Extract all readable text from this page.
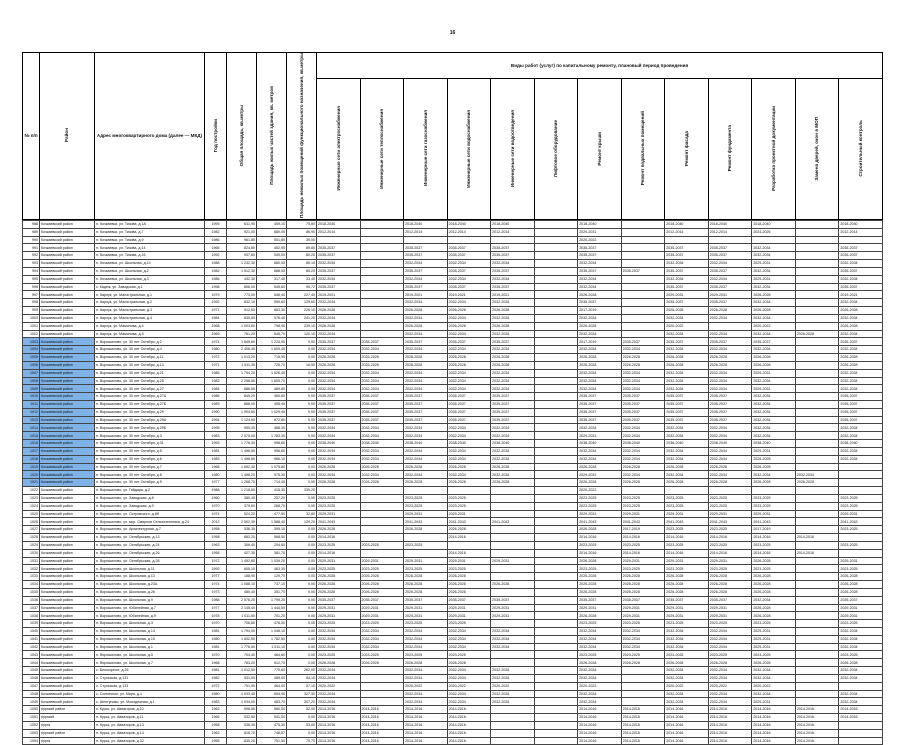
16
№ п/п	Район	Адрес многоквартирного дома (далее — МКД)	Год постройки	Общая площадь, кв.метры	Площадь жилых частей здания, кв. метров	Площадь нежилых помещений функционального назначения, кв.метры	Виды работ (услуг) по капитальному ремонту, плановый период проведения												
							Инженерные сети электроснабжения	Инженерные сети теплоснабжения	Инженерные сети газоснабжения	Инженерные сети водоснабжения	Инженерные сети водоотведения	Лифтовое оборудование	Ремонт крыши	Ремонт подвальных помещений	Ремонт фасада	Ремонт фундамента	Разработка проектной документации	Замена дверей, окон в МОП	Строительный контроль
988	Кочкаевский район	п. Кочкаевка, ул. Тизова, д.1А	1995	631,90	459,10	75,80	2018-2040		2018-2040	2018-2040	2018-2040		2018-2040		2018-2040	2018-2040	2018-2040		2018-2040
989	Кочкаевский район	п. Кочкаевка, ул. Тизова, д.7	1982	921,00	680,00	86,90	2012-2014		2012-2014	2012-2014	2012-2014		2029-2031		2012-2014	2012-2014	2024-2026		2012-2014
990	Кочкаевский район	п. Кочкаевка, ул. Тизова, д.9	1986	961,80	501,80	39,00							2020-2022						
991	Кочкаевский район	п. Кочкаевка, ул. Тизова, д.14	1966	824,80	452,90	89,80	2035-2037		2035-2037	2035-2037	2035-2037		2035-2037		2035-2037	2035-2037	2032-2034		2035-2037
992	Кочкаевский район	п. Кочкаевка, ул. Тизова, д.16	1992	937,80	549,00	80,20	2035-2037		2035-2037	2035-2037	2035-2037		2035-2037		2035-2037	2035-2037	2032-2034		2035-2037
993	Кочкаевский район	п. Кочкаевка, ул. Школьная, д.14	1988	1 232,30	680,00	85,10	2032-2034		2032-2034	2032-2034	2032-2034		2032-2034		2032-2034	2032-2034	2029-2031		2032-2034
994	Кочкаевский район	п. Кочкаевка, ул. Школьная, д.2	1982	1 512,30	688,00	85,20	2035-2037		2035-2037	2035-2037	2035-2037		2035-2037	2035-2037	2035-2037	2035-2037	2032-2034		2035-2037
995	Кочкаевский район	п. Кочкаевка, ул. Школьная, д.3	1986	432,30	317,40	33,40	2032-2034		2032-2034	2032-2034	2032-2034		2032-2034		2032-2034	2032-2034	2029-2031		2032-2034
996	Кочкаевский район	с. Кадеж, ул. Заводская, д.1	1998	856,00	549,60	95,72	2035-2037		2035-2037	2035-2037	2035-2037		2032-2034		2035-2037	2035-2037	2032-2034		2035-2037
997	Кочкаевский район	п. Карлук, ул. Магистральная, д.1	1979	773,00	546,40	227,40	2019-2021		2019-2021	2019-2021	2019-2021		2026-2028		2029-2031	2029-2031	2026-2028		2019-2021
998	Кочкаевский район	п. Карлук, ул. Магистральная, д.2	1992	832,10	559,60	129,60	2032-2034		2032-2034	2032-2034	2032-2034		2035-2037		2035-2037	2035-2037	2032-2034		2032-2034
999	Кочкаевский район	п. Карлук, ул. Магистральная, д.3	1971	912,60	663,30	226,10	2026-2028		2026-2028	2026-2028	2026-2028		2017-2019		2026-2028	2026-2028	2026-2028		2026-2028
1000	Кочкаевский район	п. Карлук, ул. Магистральная, д.4	1984	830,80	576,40	241,20	2032-2034		2032-2034	2032-2034	2032-2034		2032-2034		2032-2034	2032-2034	2032-2034		2032-2034
1001	Кочкаевский район	п. Карлук, ул. Мамонова, д.4	1968	1 003,80	798,90	239,10	2026-2028		2026-2028	2026-2028	2026-2028		2026-2028		2020-2022		2020-2022		2026-2028
1002	Кочкаевский район	п. Карлук, ул. Мамонова, д.5	1969	761,20	545,70	120,10	2032-2034		2032-2034	2032-2034	2032-2034		2032-2034		2032-2034	2032-2034	2032-2034	2026-2028	2032-2034
1003	Кочкаевский район	п. Ворошилово, ул. 30 лет Октября, д.2	1974	1 845,60	1 224,90	0,00	2035-2037	2035-2037	2035-2037	2035-2037	2035-2037		2017-2019	2035-2037	2035-2037	2035-2037	2035-2037		2035-2037
1004	Кочкаевский район	п. Ворошилово, ул. 30 лет Октября, д.4	1980	2 406,40	1 609,40	0,00	2032-2034	2032-2034	2032-2034	2032-2034	2032-2034		2032-2034	2032-2034	2032-2034	2032-2034	2032-2034		2032-2034
1005	Кочкаевский район	п. Ворошилово, ул. 30 лет Октября, д.11	1972	1 013,20	715,90	0,00	2026-2028	2026-2028	2026-2028	2026-2028	2026-2028		2026-2028	2026-2028	2026-2028	2026-2028	2026-2028		2026-2028
1006	Кочкаевский район	п. Ворошилово, ул. 30 лет Октября, д.13	1971	1 511,30	725,70	16,50	2026-2028	2026-2028	2026-2028	2026-2028	2026-2028		2026-2028	2026-2028	2026-2028	2026-2028	2026-2028		2026-2028
1007	Кочкаевский район	п. Ворошилово, ул. 30 лет Октября, д.21	1985	1 794,20	1 026,40	0,00	2032-2034	2032-2034	2032-2034	2032-2034	2032-2034		2032-2034	2032-2034	2032-2034	2032-2034	2029-2031		2032-2034
1008	Кочкаевский район	п. Ворошилово, ул. 30 лет Октября, д.25	1982	2 298,80	1 605,70	0,00	2032-2034	2032-2034	2032-2034	2032-2034	2032-2034		2032-2034	2032-2034	2032-2034	2032-2034	2032-2034		2032-2034
1009	Кочкаевский район	п. Ворошилово, ул. 30 лет Октября, д.27	1984	886,60	489,80	0,00	2032-2034	2032-2034	2032-2034	2032-2034	2032-2034		2032-2034	2032-2034	2032-2034	2032-2034	2029-2031		2032-2034
1010	Кочкаевский район	п. Ворошилово, ул. 30 лет Октября, д.27А	1986	845,20	460,60	0,00	2035-2037	2035-2037	2035-2037	2035-2037	2035-2037		2035-2037	2035-2037	2035-2037	2035-2037	2032-2034		2035-2037
1011	Кочкаевский район	п. Ворошилово, ул. 30 лет Октября, д.27Б	1989	868,00	495,40	0,00	2035-2037	2035-2037	2035-2037	2035-2037	2035-2037		2035-2037	2035-2037	2035-2037	2035-2037	2032-2034		2035-2037
1012	Кочкаевский район	п. Ворошилово, ул. 30 лет Октября, д.29	1990	1 904,60	1 029,40	0,00	2035-2037	2035-2037	2035-2037	2035-2037	2035-2037		2035-2037	2035-2037	2035-2037	2035-2037	2032-2034		2035-2037
1013	Кочкаевский район	п. Ворошилово, ул. 30 лет Октября, д.29А	1994	1 124,90	672,80	0,00	2035-2037	2035-2037	2035-2037	2035-2037	2035-2037		2035-2037	2035-2037	2035-2037	2035-2037	2032-2034		2035-2037
1014	Кочкаевский район	п. Ворошилово, ул. 30 лет Октября, д.29Б	1995	955,30	468,30	0,00	2032-2034	2032-2034	2032-2034	2032-2034	2032-2034		2032-2034	2032-2034	2032-2034	2032-2034	2032-2034		2032-2034
1015	Кочкаевский район	п. Ворошилово, ул. 30 лет Октября, д.3	1983	2 575,00	1 783,30	0,00	2032-2034	2032-2034	2032-2034	2032-2034	2032-2034		2029-2031	2032-2034	2032-2034	2032-2034	2032-2034		2032-2034
1016	Кочкаевский район	п. Ворошилово, ул. 30 лет Октября, д.31	1993	1 776,30	998,60	0,00	2038-2040	2038-2040	2038-2040	2038-2040	2038-2040		2038-2040	2038-2040	2038-2040	2038-2040	2038-2040		2038-2040
1017	Кочкаевский район	п. Ворошилово, ул. 30 лет Октября, д.5	1981	1 496,50	956,60	0,00	2032-2034	2032-2034	2032-2034	2032-2034	2032-2034		2032-2034	2032-2034	2032-2034	2032-2034	2029-2031		2032-2034
1018	Кочкаевский район	п. Ворошилово, ул. 30 лет Октября, д.6	1983	1 496,60	966,10	0,00	2032-2034	2032-2034	2032-2034	2032-2034	2032-2034		2032-2034	2032-2034	2032-2034	2032-2034	2026-2028		2032-2034
1019	Кочкаевский район	п. Ворошилово, ул. 30 лет Октября, д.7	1968	1 652,40	1 075,80	0,00	2026-2028	2026-2028	2026-2028	2026-2028	2026-2028		2026-2028	2026-2028	2026-2028	2026-2028	2026-2028		
1020	Кочкаевский район	п. Ворошилово, ул. 30 лет Октября, д.8	1980	1 498,20	975,30	0,00	2032-2034	2032-2034	2032-2034	2032-2034	2032-2034		2029-2031	2032-2034	2032-2034	2032-2034	2032-2034	2032-2034	
1021	Кочкаевский район	п. Ворошилово, ул. 30 лет Октября, д.9	1977	1 268,70	714,40	0,00	2026-2028	2026-2028	2026-2028	2026-2028	2026-2028		2026-2028	2026-2028	2026-2028	2026-2028	2026-2028	2026-2028	
1022	Кочкаевский район	п. Ворошилово, ул. Гайдара, д.2	1988	1 218,60	415,30	339,20							2020-2022						
1023	Кочкаевский район	п. Ворошилово, ул. Заводская, д.8	1960	380,40	257,20	0,00	2023-2025		2023-2025	2023-2025			2023-2025	2023-2025	2023-2025	2023-2025	2023-2025		2023-2025
1024	Кочкаевский район	п. Ворошилово, ул. Заводская, д.9	1970	379,60	268,70	0,00	2023-2025		2023-2025	2023-2025			2023-2025	2023-2025	2023-2025	2023-2025	2023-2025		2023-2025
1025	Кочкаевский район	п. Ворошилово, ул. Островского, д.8б	1974	524,20	477,50	32,80	2029-2031		2029-2031	2029-2031			2029-2031	2029-2031	2029-2031	2029-2031	2029-2031		2029-2031
1026	Кочкаевский район	п. Ворошилово, ул. мкр. Смирнов Сельхозтехника, д.24	2012	2 502,30	1 588,40	129,20	2041-2043		2041-2043	2041-2043	2041-2043		2041-2043	2041-2043	2041-2043	2041-2043	2041-2043		2041-2043
1027	Кочкаевский район	п. Ворошилово, ул. Архитектурная, д.7	1958	536,30	395,10	0,00	2026-2028		2026-2028	2026-2028			2026-2028	2017-2019	2023-2025	2023-2025	2017-2019		2023-2025
1028	Кочкаевский район	п. Ворошилово, ул. Октябрьская, д.13	1958	863,20	568,50	0,00	2014-2016			2014-2016			2014-2016	2014-2016	2014-2016	2014-2016	2014-2016	2014-2016	
1029	Кочкаевский район	п. Ворошилово, ул. Октябрьская, д.24	1963	306,40	204,60	0,00	2023-2025	2023-2025	2023-2025				2023-2025	2023-2025	2023-2025	2023-2025	2023-2025		2023-2025
1030	Кочкаевский район	п. Ворошилово, ул. Октябрьская, д.26	1958	427,30	381,70	0,00	2014-2016			2014-2016			2014-2016	2014-2016	2014-2016	2014-2016	2014-2016	2014-2016	
1031	Кочкаевский район	п. Ворошилово, ул. Октябрьская, д.28	1972	1 492,80	1 039,20	0,00	2029-2031	2029-2031	2029-2031	2029-2031	2029-2031		2026-2028	2029-2031	2029-2031	2029-2031	2026-2028		2029-2031
1032	Кочкаевский район	п. Ворошилово, ул. Школьная, д.11	1992	605,10	463,30	0,00	2023-2025	2023-2025	2023-2025	2023-2025			2023-2025	2023-2025	2023-2025	2023-2025	2023-2025		2023-2025
1033	Кочкаевский район	п. Ворошилово, ул. Школьная, д.13	1977	188,90	129,70	0,00	2026-2028	2026-2028	2026-2028	2026-2028			2026-2028	2026-2028	2026-2028	2026-2028	2026-2028		2026-2028
1034	Кочкаевский район	п. Ворошилово, ул. Школьная, д.23А	1974	1 088,10	737,10	0,00	2026-2028	2026-2028	2026-2028	2026-2028	2026-2028		2026-2028	2026-2028	2026-2028	2026-2028	2026-2028		2026-2028
1035	Кочкаевский район	п. Ворошилово, ул. Школьная, д.26	1973	480,40	351,70	0,00	2026-2028	2026-2028	2026-2028	2026-2028			2026-2028	2026-2028	2026-2028	2026-2028	2026-2028		2026-2028
1036	Кочкаевский район	п. Ворошилово, ул. Школьная, д.9	1988	2 576,20	1 799,20	0,00	2035-2037	2035-2037	2035-2037	2035-2037	2035-2037		2035-2037	2035-2037	2035-2037	2035-2037	2032-2034		2035-2037
1037	Кочкаевский район	п. Ворошилово, ул. Юбилейная, д.7	1977	2 145,40	1 444,50	0,00	2029-2031	2029-2031	2029-2031	2029-2031	2029-2031		2029-2031	2029-2031	2029-2031	2029-2031	2026-2028		2029-2031
1038	Кочкаевский район	п. Ворошилово, ул. Юбилейная, д.9	1978	1 011,50	701,20	0,00	2029-2031	2029-2031	2029-2031	2029-2031	2029-2031		2026-2028	2029-2031	2029-2031	2029-2031	2026-2028		2029-2031
1039	Кочкаевский район	п. Ворошилово, ул. Школьная, д.3	1970	706,80	476,00	0,00	2023-2025	2023-2025	2023-2025	2023-2025			2023-2025	2023-2025	2023-2025	2023-2025	2023-2025		2023-2025
1040	Кочкаевский район	п. Ворошилово, ул. Школьная, д.13	1981	1 794,00	1 046,10	0,00	2032-2034	2032-2034	2032-2034	2032-2034	2032-2034		2032-2034	2032-2034	2032-2034	2032-2034	2029-2031		2032-2034
1041	Кочкаевский район	п. Ворошилово, ул. Школьная, д.15	1980	1 832,50	1 782,50	0,00	2032-2034	2032-2034	2032-2034	2032-2034	2032-2034		2032-2034	2032-2034	2032-2034	2032-2034	2029-2031		2032-2034
1042	Кочкаевский район	п. Ворошилово, ул. Школьная, д.1	1981	1 776,50	1 011,10	0,00	2032-2034	2032-2034	2032-2034	2032-2034	2032-2034		2032-2034	2032-2034	2032-2034	2032-2034	2029-2031		2032-2034
1043	Кочкаевский район	п. Ворошилово, ул. Школьная, д.5	1970	704,40	464,60	0,00	2023-2025	2023-2025	2023-2025	2023-2025			2023-2025	2023-2025	2023-2025	2023-2025	2023-2025		2023-2025
1044	Кочкаевский район	п. Ворошилово, ул. Школьная, д.7	1968	783,20	512,70	0,00	2026-2028	2026-2028	2026-2028	2026-2028			2026-2028	2026-2028	2026-2028	2026-2028	2026-2028		2026-2028
1045	Кочкаевский район	с. Белогорное, д.26	1981	1 012,50	770,60	262,00	2032-2034		2032-2034	2032-2034	2032-2034		2032-2034		2032-2034	2032-2034	2032-2034		2032-2034
1046	Кочкаевский район	с. Стульская, д.131	1982	531,00	489,00	84,10	2032-2034		2032-2034	2032-2034	2032-2034		2032-2034		2032-2034	2032-2034	2032-2034		2032-2034
1047	Кочкаевский район	с. Стульская, д.133	1972	751,90	464,00	57,10	2020-2022		2020-2022	2020-2022	2020-2022		2020-2022		2020-2022	2020-2022	2020-2022		
1048	Кочкаевский район	с. Солнечное, ул. Мира, д.1	1980	1 033,40	654,90	327,30	2032-2034		2032-2034	2032-2034	2032-2034		2032-2034		2032-2034	2032-2034	2032-2034		2032-2034
1049	Кочкаевский район	с. Шептуново, ул. Молодежная, д.1	1983	1 034,00	483,70	307,20	2032-2034		2032-2034	2032-2034	2032-2034		2032-2034		2032-2034	2032-2034	2029-2031		2032-2034
1050	Курский район	с. Курск, ул. Авиаторов, д.10	1962	598,80	560,00	52,00	2014-2016	2014-2016	2014-2016	2014-2016			2014-2016	2014-2016	2014-2016	2014-2016	2014-2016	2014-2016	2014-2016
1051	Курский	п. Курск, ул. Авиаторов, д.11	1966	532,80	541,00	0,00	2014-2016	2014-2016	2014-2016	2014-2016			2014-2016	2014-2016	2014-2016	2014-2016	2014-2016	2014-2016	2014-2016
1052	Курск	п. Курск, ул. Авиаторов, д.13	1958	538,30	475,30	53,00	2014-2016	2014-2016	2014-2016	2014-2016			2014-2016	2014-2016	2014-2016	2014-2016	2014-2016	2014-2016	
1053	Курский район	п. Курск, ул. Авиаторов, д.14	1962	818,70	748,87	0,00	2014-2016	2014-2016	2014-2016	2014-2016			2014-2016	2014-2016	2014-2016	2014-2016	2014-2016	2014-2016	
1054	Курск	п. Курск, ул. Авиаторов, д.32	1955	835,20	751,50	79,70	2014-2016	2014-2016	2014-2016	2014-2016			2014-2016	2014-2016	2014-2016	2014-2016	2014-2016	2014-2016	
